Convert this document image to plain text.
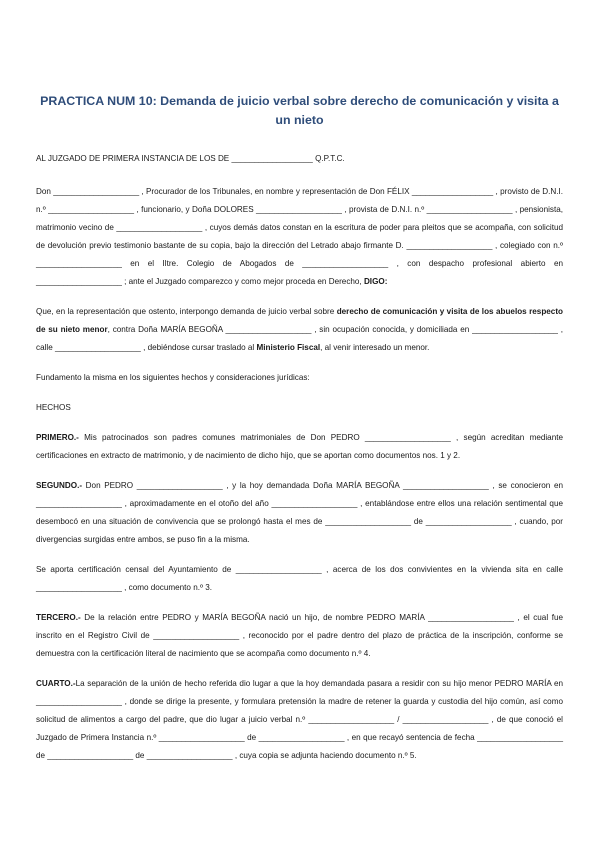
PRACTICA NUM 10: Demanda de juicio verbal sobre derecho de comunicación y visita a un nieto

AL JUZGADO DE PRIMERA INSTANCIA DE LOS DE __________________ Q.P.T.C.

Don ___________________ , Procurador de los Tribunales, en nombre y representación de Don FÉLIX __________________ , provisto de D.N.I. n.º ___________________ , funcionario, y Doña DOLORES ___________________ , provista de D.N.I. n.º ___________________ , pensionista, matrimonio vecino de ___________________ , cuyos demás datos constan en la escritura de poder para pleitos que se acompaña, con solicitud de devolución previo testimonio bastante de su copia, bajo la dirección del Letrado abajo firmante D. ___________________ , colegiado con n.º ___________________ en el Iltre. Colegio de Abogados de ___________________ , con despacho profesional abierto en ___________________ ; ante el Juzgado comparezco y como mejor proceda en Derecho, DIGO:

Que, en la representación que ostento, interpongo demanda de juicio verbal sobre derecho de comunicación y visita de los abuelos respecto de su nieto menor, contra Doña MARÍA BEGOÑA ___________________ , sin ocupación conocida, y domiciliada en ___________________ , calle ___________________ , debiéndose cursar traslado al Ministerio Fiscal, al venir interesado un menor.

Fundamento la misma en los siguientes hechos y consideraciones jurídicas:

HECHOS

PRIMERO.- Mis patrocinados son padres comunes matrimoniales de Don PEDRO ___________________ , según acreditan mediante certificaciones en extracto de matrimonio, y de nacimiento de dicho hijo, que se aportan como documentos nos. 1 y 2.

SEGUNDO.- Don PEDRO ___________________ , y la hoy demandada Doña MARÍA BEGOÑA ___________________ , se conocieron en ___________________ , aproximadamente en el otoño del año ___________________ , entablándose entre ellos una relación sentimental que desembocó en una situación de convivencia que se prolongó hasta el mes de ___________________ de ___________________ , cuando, por divergencias surgidas entre ambos, se puso fin a la misma.

Se aporta certificación censal del Ayuntamiento de ___________________ , acerca de los dos convivientes en la vivienda sita en calle ___________________ , como documento n.º 3.

TERCERO.- De la relación entre PEDRO y MARÍA BEGOÑA nació un hijo, de nombre PEDRO MARÍA ___________________ , el cual fue inscrito en el Registro Civil de ___________________ , reconocido por el padre dentro del plazo de práctica de la inscripción, conforme se demuestra con la certificación literal de nacimiento que se acompaña como documento n.º 4.

CUARTO.-La separación de la unión de hecho referida dio lugar a que la hoy demandada pasara a residir con su hijo menor PEDRO MARÍA en ___________________ , donde se dirige la presente, y formulara pretensión la madre de retener la guarda y custodia del hijo común, así como solicitud de alimentos a cargo del padre, que dio lugar a juicio verbal n.º ___________________ / ___________________ , de que conoció el Juzgado de Primera Instancia n.º ___________________ de ___________________ , en que recayó sentencia de fecha ___________________ de ___________________ de ___________________ , cuya copia se adjunta haciendo documento n.º 5.
